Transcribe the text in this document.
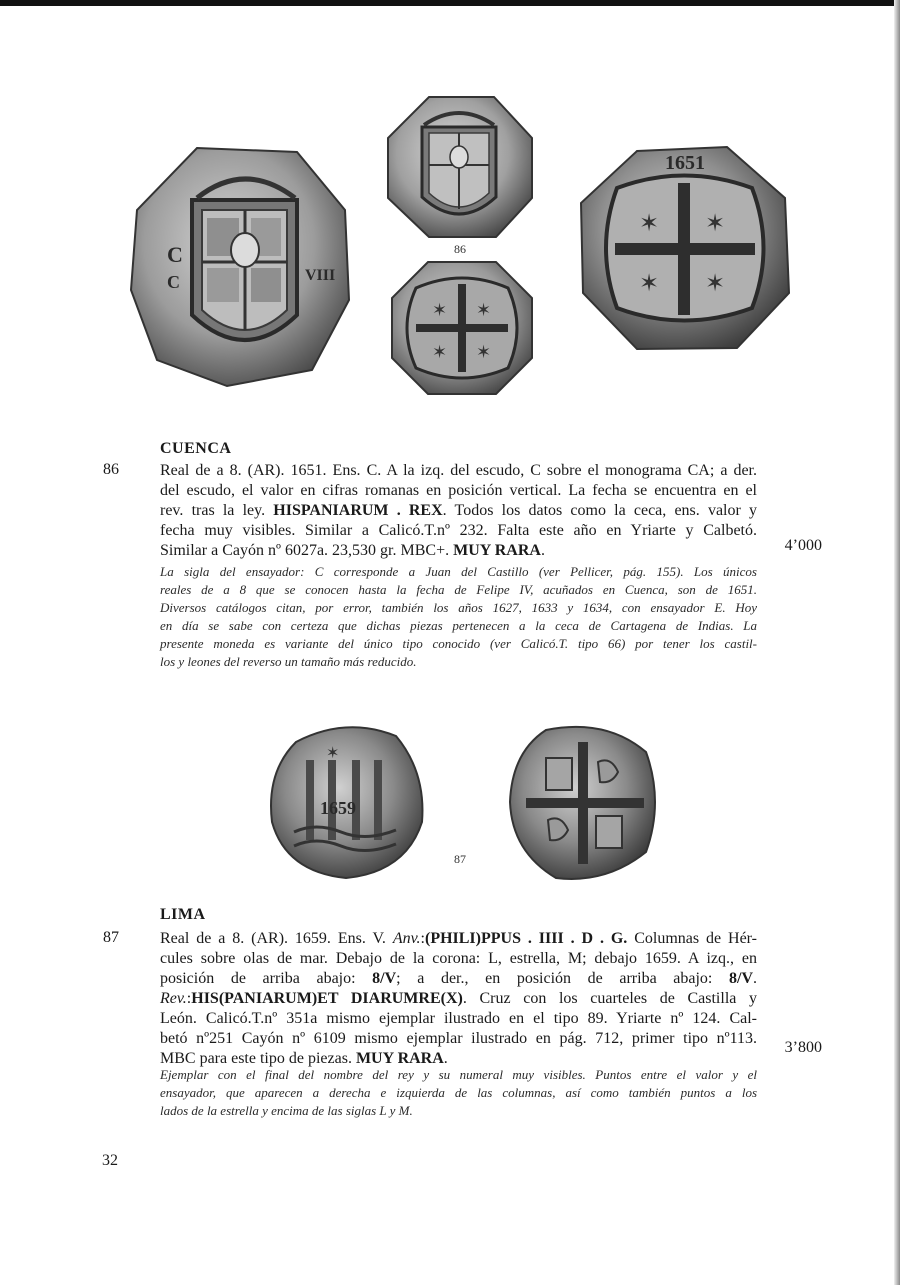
C
C	VIII
86
✶ ✶
✶ ✶
✶ ✶
✶ ✶
1651
CUENCA
86	Real de a 8. (AR). 1651. Ens. C. A la izq. del escudo, C sobre el monograma CA; a der.
del escudo, el valor en cifras romanas en posición vertical. La fecha se encuentra en el
rev. tras la ley. HISPANIARUM . REX. Todos los datos como la ceca, ens. valor y
fecha muy visibles. Similar a Calicó.T.nº 232. Falta este año en Yriarte y Calbetó.
Similar a Cayón nº 6027a. 23,530 gr. MBC+. MUY RARA.	4’000
La sigla del ensayador: C corresponde a Juan del Castillo (ver Pellicer, pág. 155). Los únicos
reales de a 8 que se conocen hasta la fecha de Felipe IV, acuñados en Cuenca, son de 1651.
Diversos catálogos citan, por error, también los años 1627, 1633 y 1634, con ensayador E. Hoy
en día se sabe con certeza que dichas piezas pertenecen a la ceca de Cartagena de Indias. La
presente moneda es variante del único tipo conocido (ver Calicó.T. tipo 66) por tener los castil-
los y leones del reverso un tamaño más reducido.
✶
1659
87
LIMA
87	Real de a 8. (AR). 1659. Ens. V. Anv.:(PHILI)PPUS . IIII . D . G. Columnas de Hér-
cules sobre olas de mar. Debajo de la corona: L, estrella, M; debajo 1659. A izq., en
posición de arriba abajo: 8/V; a der., en posición de arriba abajo: 8/V.
Rev.:HIS(PANIARUM)ET DIARUMRE(X). Cruz con los cuarteles de Castilla y
León. Calicó.T.nº 351a mismo ejemplar ilustrado en el tipo 89. Yriarte nº 124. Cal-
betó nº251 Cayón nº 6109 mismo ejemplar ilustrado en pág. 712, primer tipo nº113.
MBC para este tipo de piezas. MUY RARA.
3’800
Ejemplar con el final del nombre del rey y su numeral muy visibles. Puntos entre el valor y el
ensayador, que aparecen a derecha e izquierda de las columnas, así como también puntos a los
lados de la estrella y encima de las siglas L y M.
32
